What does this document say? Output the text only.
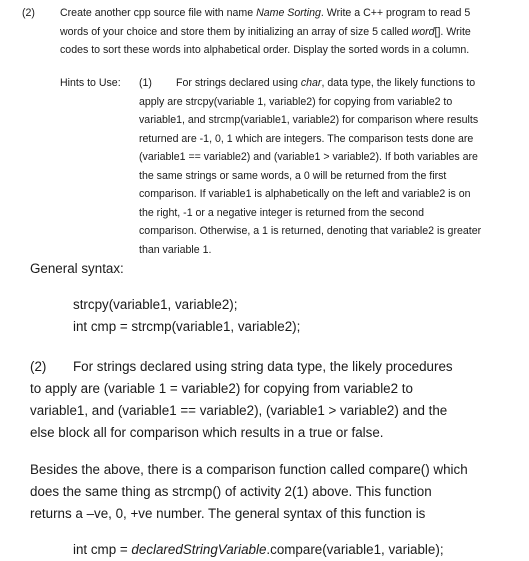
(2) Create another cpp source file with name Name Sorting. Write a C++ program to read 5
words of your choice and store them by initializing an array of size 5 called word[]. Write
codes to sort these words into alphabetical order. Display the sorted words in a column.
Hints to Use: (1) For strings declared using char, data type, the likely functions to
apply are strcpy(variable 1, variable2) for copying from variable2 to
variable1, and strcmp(variable1, variable2) for comparison where results
returned are -1, 0, 1 which are integers. The comparison tests done are
(variable1 == variable2) and (variable1 > variable2). If both variables are
the same strings or same words, a 0 will be returned from the first
comparison. If variable1 is alphabetically on the left and variable2 is on
the right, -1 or a negative integer is returned from the second
comparison. Otherwise, a 1 is returned, denoting that variable2 is greater
than variable 1.
General syntax:
strcpy(variable1, variable2);
int cmp = strcmp(variable1, variable2);
(2) For strings declared using string data type, the likely procedures
to apply are (variable 1 = variable2) for copying from variable2 to
variable1, and (variable1 == variable2), (variable1 > variable2) and the
else block all for comparison which results in a true or false.
Besides the above, there is a comparison function called compare() which
does the same thing as strcmp() of activity 2(1) above. This function
returns a –ve, 0, +ve number. The general syntax of this function is
int cmp = declaredStringVariable.compare(variable1, variable);
